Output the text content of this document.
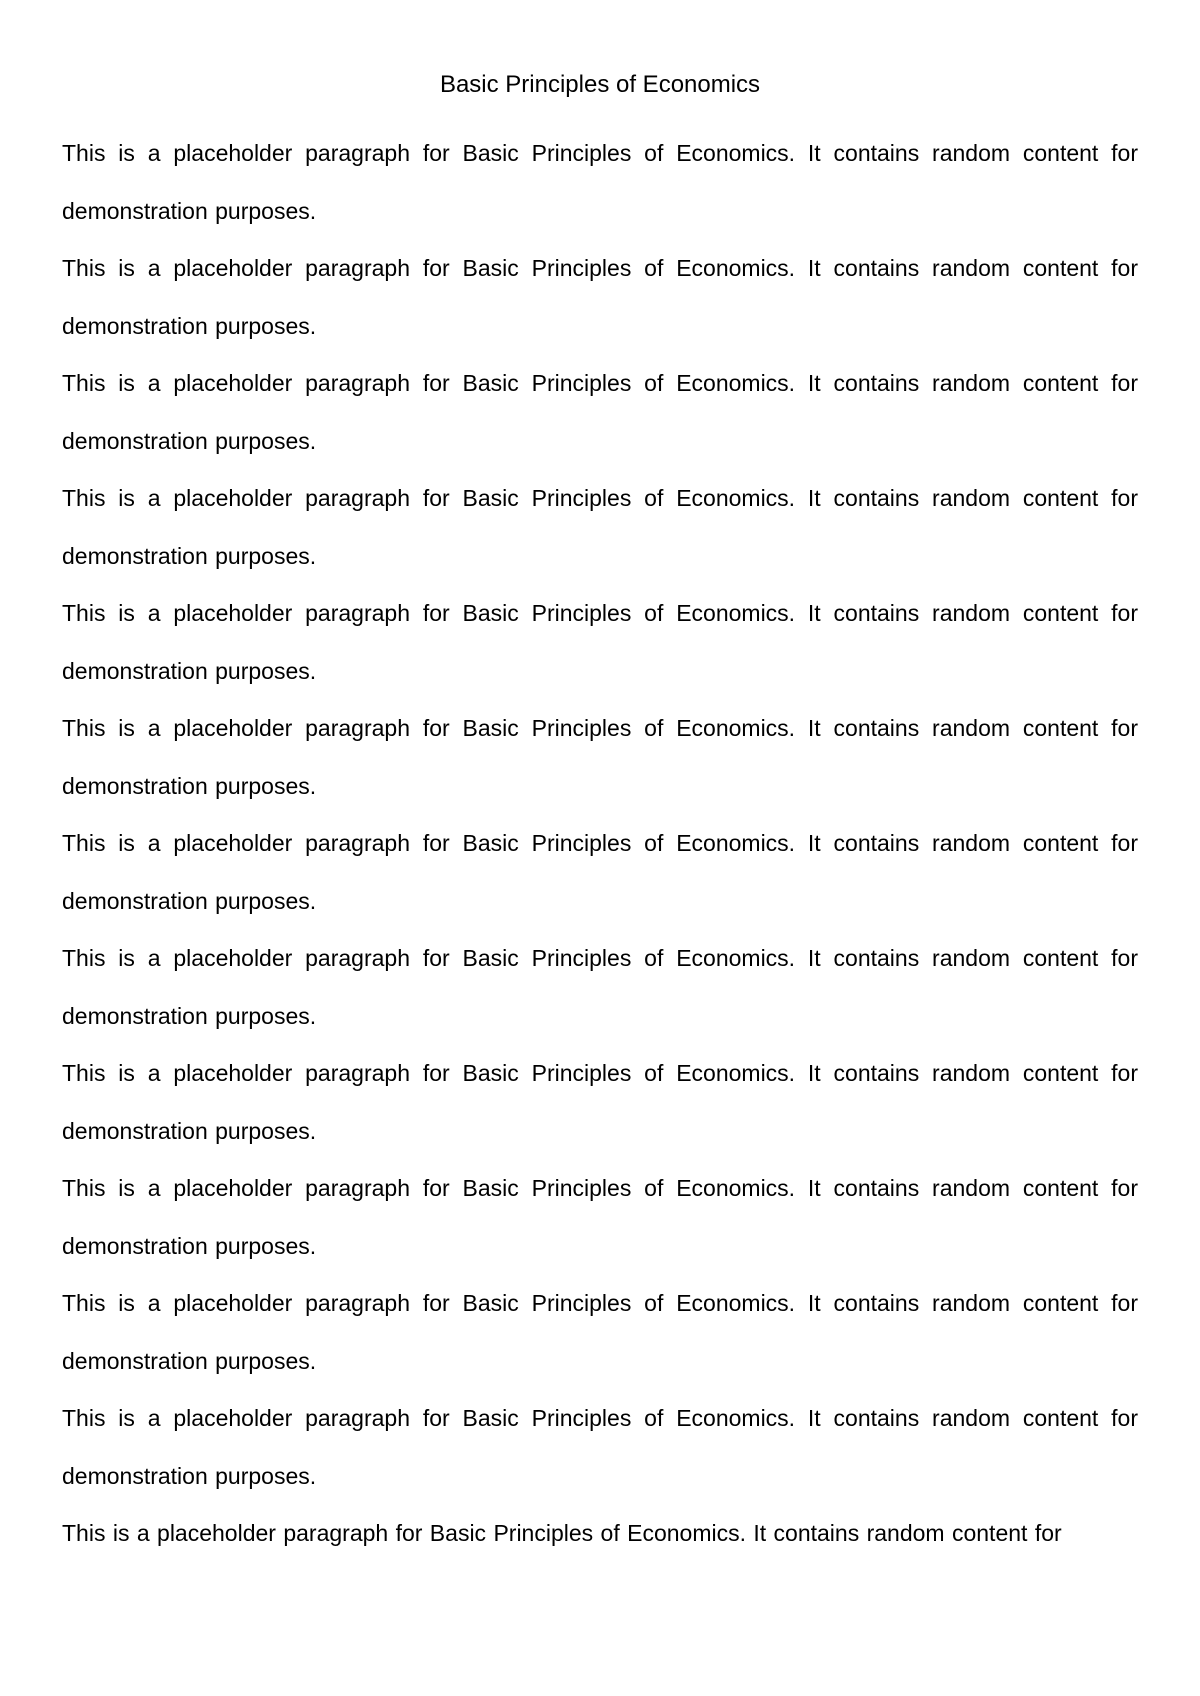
Basic Principles of Economics

This is a placeholder paragraph for Basic Principles of Economics. It contains random content for demonstration purposes.

This is a placeholder paragraph for Basic Principles of Economics. It contains random content for demonstration purposes.

This is a placeholder paragraph for Basic Principles of Economics. It contains random content for demonstration purposes.

This is a placeholder paragraph for Basic Principles of Economics. It contains random content for demonstration purposes.

This is a placeholder paragraph for Basic Principles of Economics. It contains random content for demonstration purposes.

This is a placeholder paragraph for Basic Principles of Economics. It contains random content for demonstration purposes.

This is a placeholder paragraph for Basic Principles of Economics. It contains random content for demonstration purposes.

This is a placeholder paragraph for Basic Principles of Economics. It contains random content for demonstration purposes.

This is a placeholder paragraph for Basic Principles of Economics. It contains random content for demonstration purposes.

This is a placeholder paragraph for Basic Principles of Economics. It contains random content for demonstration purposes.

This is a placeholder paragraph for Basic Principles of Economics. It contains random content for demonstration purposes.

This is a placeholder paragraph for Basic Principles of Economics. It contains random content for demonstration purposes.

This is a placeholder paragraph for Basic Principles of Economics. It contains random content for
